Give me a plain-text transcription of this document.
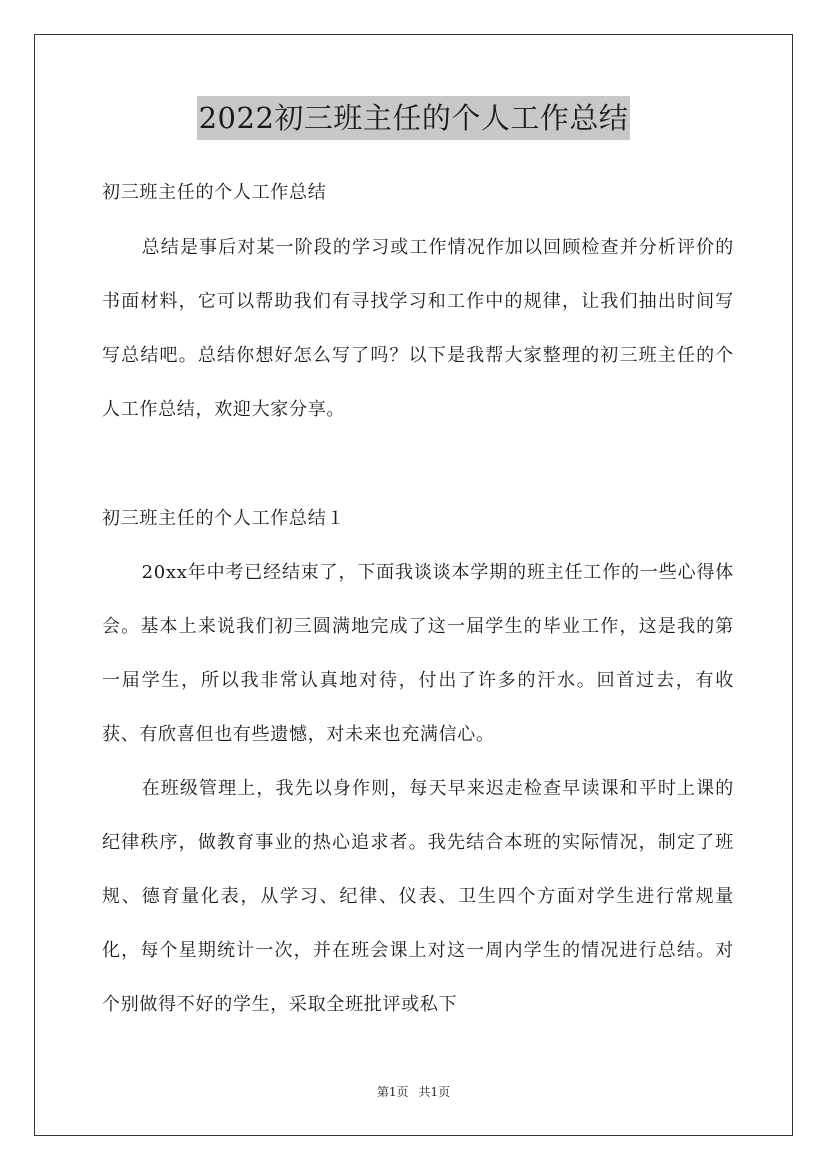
2022初三班主任的个人工作总结
初三班主任的个人工作总结

总结是事后对某一阶段的学习或工作情况作加以回顾检查并分析评价的书面材料，它可以帮助我们有寻找学习和工作中的规律，让我们抽出时间写写总结吧。总结你想好怎么写了吗？以下是我帮大家整理的初三班主任的个人工作总结，欢迎大家分享。

初三班主任的个人工作总结１

20xx年中考已经结束了，下面我谈谈本学期的班主任工作的一些心得体会。基本上来说我们初三圆满地完成了这一届学生的毕业工作，这是我的第一届学生，所以我非常认真地对待，付出了许多的汗水。回首过去，有收获、有欣喜但也有些遗憾，对未来也充满信心。

在班级管理上，我先以身作则，每天早来迟走检查早读课和平时上课的纪律秩序，做教育事业的热心追求者。我先结合本班的实际情况，制定了班规、德育量化表，从学习、纪律、仪表、卫生四个方面对学生进行常规量化，每个星期统计一次，并在班会课上对这一周内学生的情况进行总结。对个别做得不好的学生，采取全班批评或私下

第1页 共1页
